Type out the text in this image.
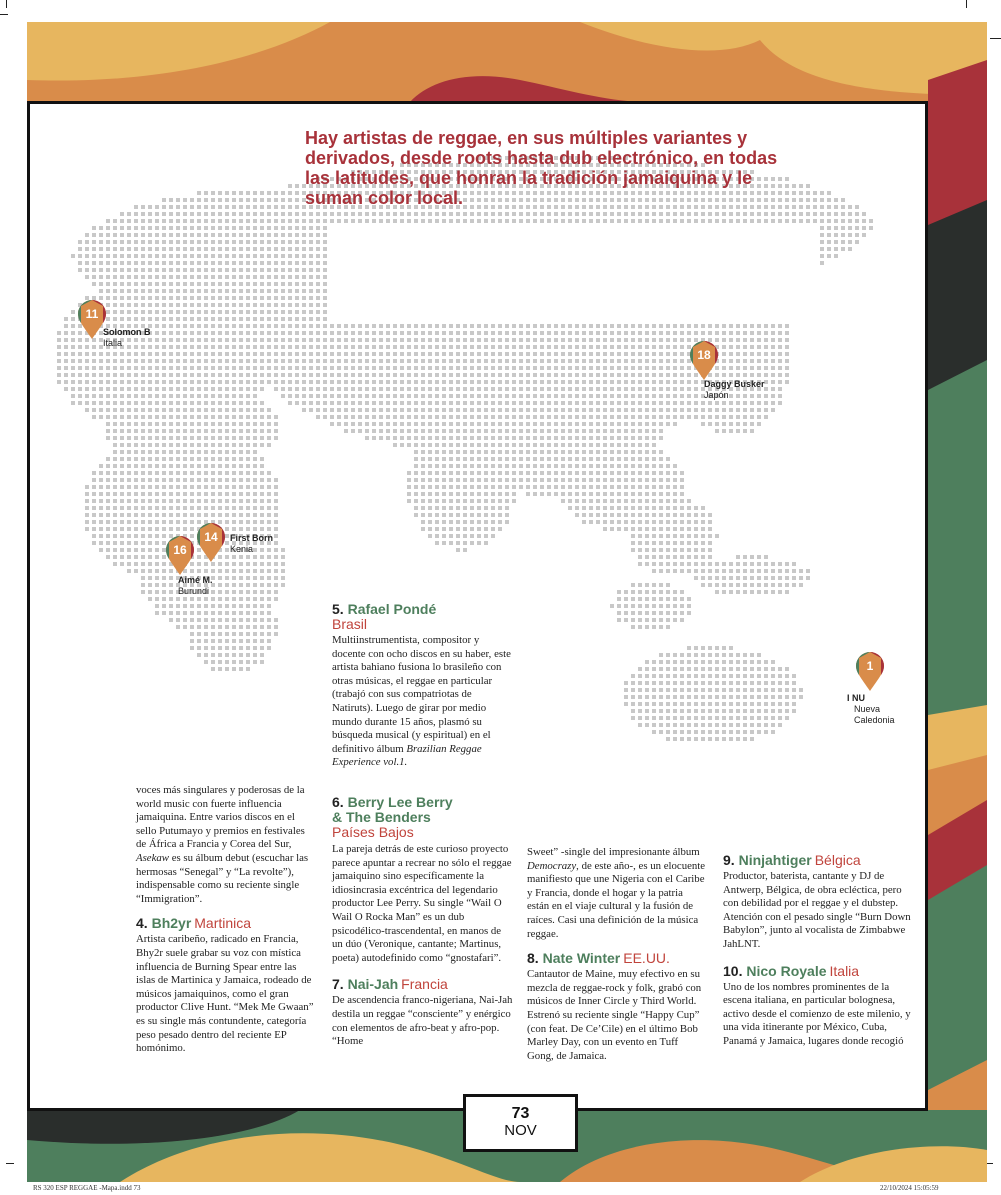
Hay artistas de reggae, en sus múltiples variantes y derivados, desde roots hasta dub electrónico, en todas las latitudes, que honran la tradición jamaiquina y le suman color local.
11
Solomon B
Italia
18
Daggy Busker
Japón
14	First Born
Kenia
16
Aimé M.
Burundi
1
I NU
Nueva Caledonia
5. Rafael Pondé
Brasil

Multiinstrumentista, compositor y docente con ocho discos en su haber, este artista bahiano fusiona lo brasileño con otras músicas, el reggae en particular (trabajó con sus compatriotas de Natiruts). Luego de girar por medio mundo durante 15 años, plasmó su búsqueda musical (y espiritual) en el definitivo álbum Brazilian Reggae Experience vol.1.

voces más singulares y poderosas de la world music con fuerte influencia jamaiquina. Entre varios discos en el sello Putumayo y premios en festivales de África a Francia y Corea del Sur, Asekaw es su álbum debut (escuchar las hermosas “Senegal” y “La revolte”), indispensable como su reciente single “Immigration”.

4. Bh2yr Martinica

Artista caribeño, radicado en Francia, Bhy2r suele grabar su voz con mística influencia de Burning Spear entre las islas de Martinica y Jamaica, rodeado de músicos jamaiquinos, como el gran productor Clive Hunt. “Mek Me Gwaan” es su single más contundente, categoría peso pesado dentro del reciente EP homónimo.

6. Berry Lee Berry
& The Benders
Países Bajos

La pareja detrás de este curioso proyecto parece apuntar a recrear no sólo el reggae jamaiquino sino específicamente la idiosincrasia excéntrica del legendario productor Lee Perry. Su single “Wail O Wail O Rocka Man” es un dub psicodélico-trascendental, en manos de un dúo (Veronique, cantante; Martinus, poeta) autodefinido como “gnostafari”.

7. Nai-Jah Francia

De ascendencia franco-nigeriana, Nai-Jah destila un reggae “consciente” y enérgico con elementos de afro-beat y afro-pop. “Home

Sweet” -single del impresionante álbum Democrazy, de este año-, es un elocuente manifiesto que une Nigeria con el Caribe y Francia, donde el hogar y la patria están en el viaje cultural y la fusión de raíces. Casi una definición de la música reggae.

8. Nate Winter EE.UU.

Cantautor de Maine, muy efectivo en su mezcla de reggae-rock y folk, grabó con músicos de Inner Circle y Third World. Estrenó su reciente single “Happy Cup” (con feat. De Ce’Cile) en el último Bob Marley Day, con un evento en Tuff Gong, de Jamaica.

9. Ninjahtiger Bélgica

Productor, baterista, cantante y DJ de Antwerp, Bélgica, de obra ecléctica, pero con debilidad por el reggae y el dubstep. Atención con el pesado single “Burn Down Babylon”, junto al vocalista de Zimbabwe JahLNT.

10. Nico Royale Italia

Uno de los nombres prominentes de la escena italiana, en particular bolognesa, activo desde el comienzo de este milenio, y una vida itinerante por México, Cuba, Panamá y Jamaica, lugares donde recogió

73
NOV
RS 320 ESP REGGAE -Mapa.indd 73	22/10/2024 15:05:59
